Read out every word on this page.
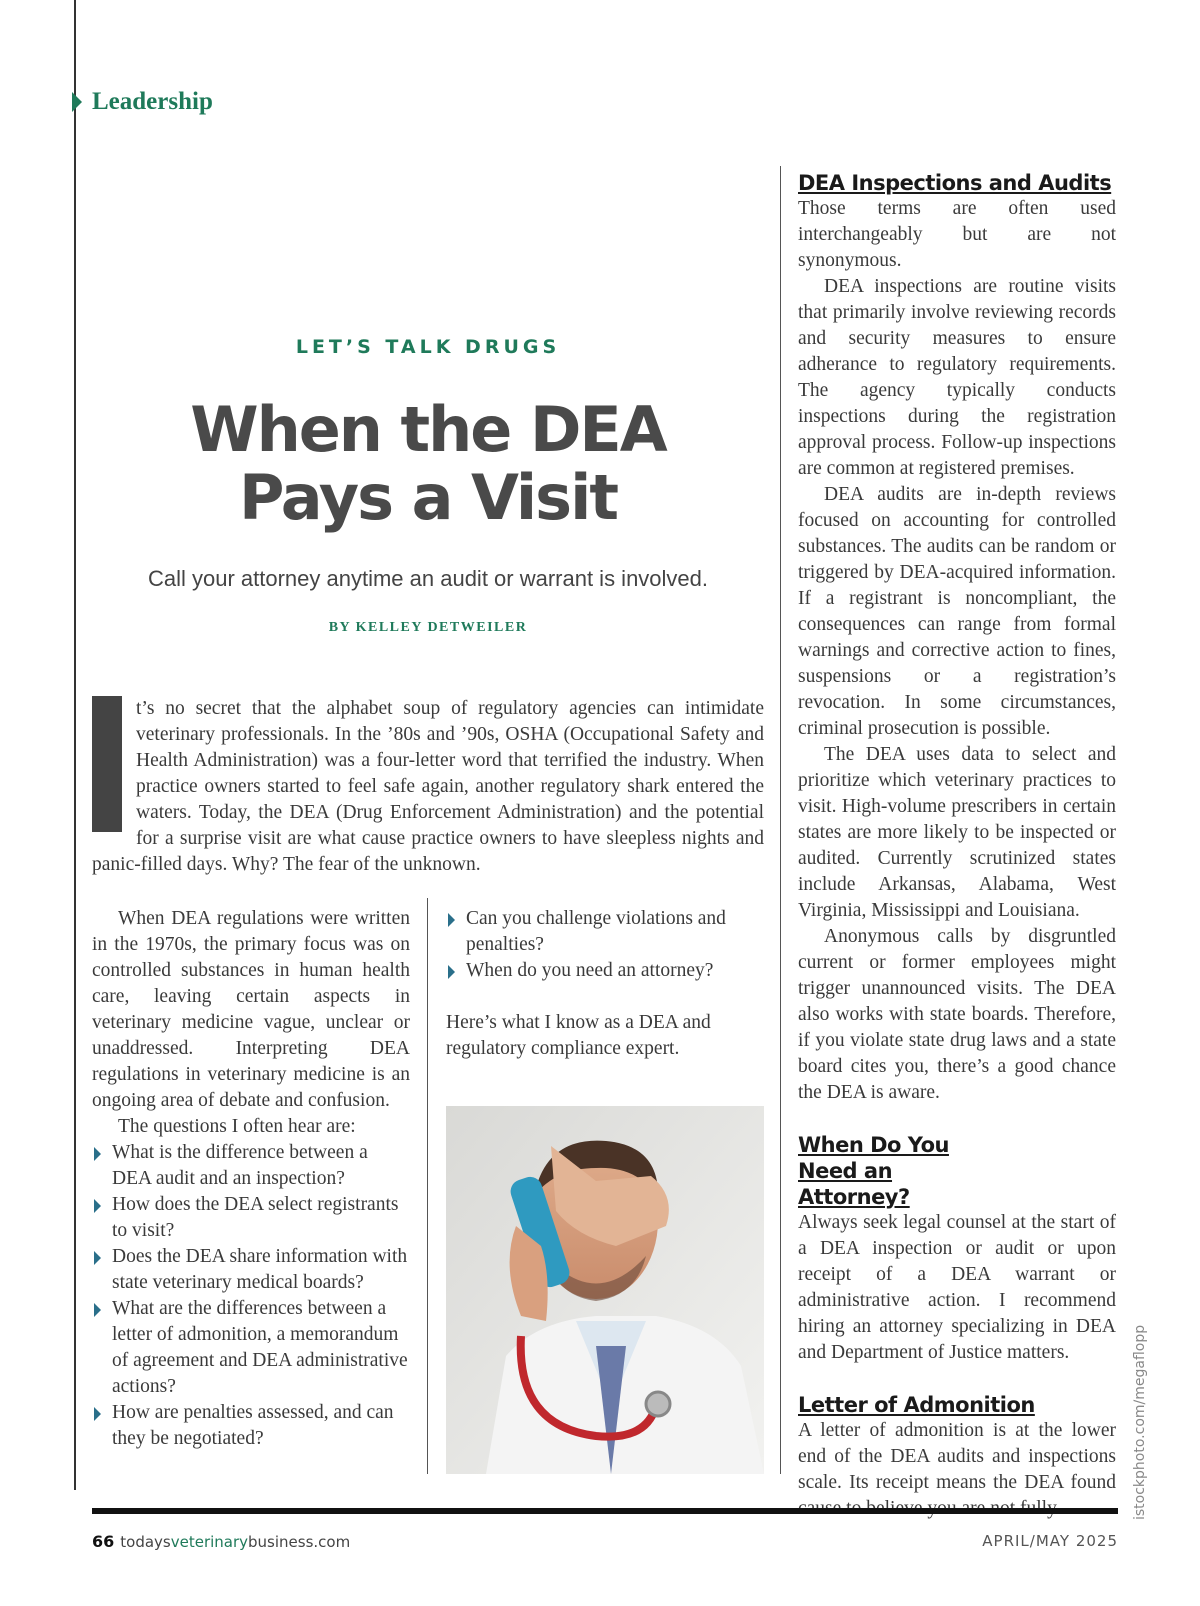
Leadership
LET’S TALK DRUGS
When the DEA
Pays a Visit
Call your attorney anytime an audit or warrant is involved.
BY KELLEY DETWEILER
t’s no secret that the alphabet soup of regulatory agencies can intimidate veterinary professionals. In the ’80s and ’90s, OSHA (Occupational Safety and Health Administration) was a four-letter word that terrified the industry. When practice owners started to feel safe again, another regulatory shark entered the waters. Today, the DEA (Drug Enforcement Administration) and the potential for a surprise visit are what cause practice owners to have sleepless nights and panic-filled days. Why? The fear of the unknown.

When DEA regulations were written in the 1970s, the primary focus was on controlled substances in human health care, leaving certain aspects in veterinary medicine vague, unclear or unaddressed. Interpreting DEA regulations in veterinary medicine is an ongoing area of debate and confusion.

The questions I often hear are:

What is the difference between a DEA audit and an inspection?
How does the DEA select registrants to visit?
Does the DEA share information with state veterinary medical boards?
What are the differences between a letter of admonition, a memorandum of agreement and DEA administrative actions?
How are penalties assessed, and can they be negotiated?
Can you challenge violations and penalties?
When do you need an attorney?

Here’s what I know as a DEA and regulatory compliance expert.

DEA Inspections and Audits

Those terms are often used interchangeably but are not synonymous.

DEA inspections are routine visits that primarily involve reviewing records and security measures to ensure adherance to regulatory requirements. The agency typically conducts inspections during the registration approval process. Follow-up inspections are common at registered premises.

DEA audits are in-depth reviews focused on accounting for controlled substances. The audits can be random or triggered by DEA-acquired information. If a registrant is noncompliant, the consequences can range from formal warnings and corrective action to fines, suspensions or a registration’s revocation. In some circumstances, criminal prosecution is possible.

The DEA uses data to select and prioritize which veterinary practices to visit. High-volume prescribers in certain states are more likely to be inspected or audited. Currently scrutinized states include Arkansas, Alabama, West Virginia, Mississippi and Louisiana.

Anonymous calls by disgruntled current or former employees might trigger unannounced visits. The DEA also works with state boards. Therefore, if you violate state drug laws and a state board cites you, there’s a good chance the DEA is aware.

When Do You Need an Attorney?

Always seek legal counsel at the start of a DEA inspection or audit or upon receipt of a DEA warrant or administrative action. I recommend hiring an attorney specializing in DEA and Department of Justice matters.

Letter of Admonition

A letter of admonition is at the lower end of the DEA audits and inspections scale. Its receipt means the DEA found istockphoto.com/megaflopp
66 todaysveterinarybusiness.com	APRIL/MAY 2025
